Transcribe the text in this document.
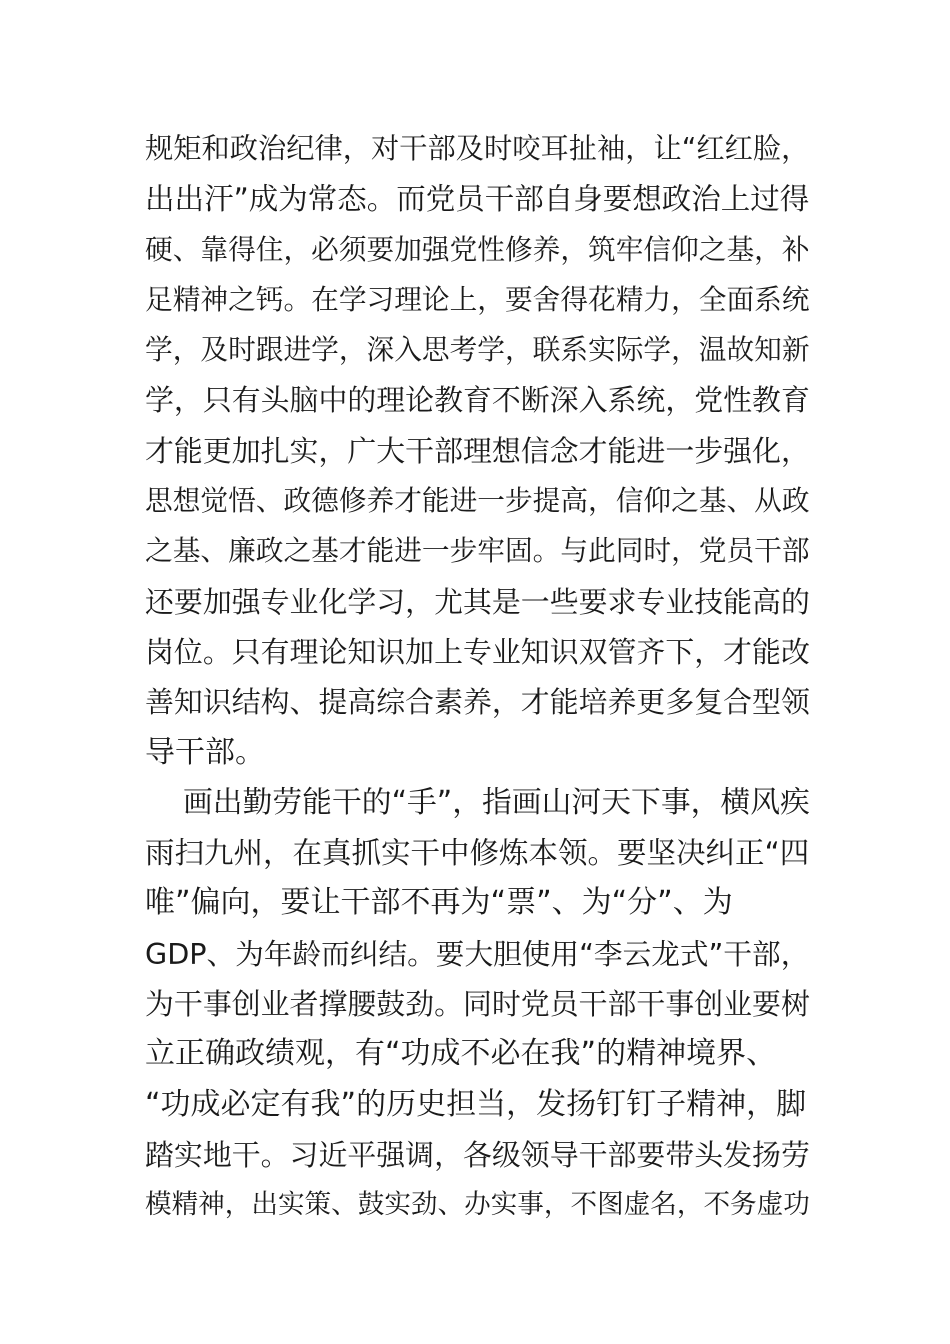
规矩和政治纪律，对干部及时咬耳扯袖，让“红红脸，
出出汗”成为常态。而党员干部自身要想政治上过得
硬、靠得住，必须要加强党性修养，筑牢信仰之基，补
足精神之钙。在学习理论上，要舍得花精力，全面系统
学，及时跟进学，深入思考学，联系实际学，温故知新
学，只有头脑中的理论教育不断深入系统，党性教育
才能更加扎实，广大干部理想信念才能进一步强化，
思想觉悟、政德修养才能进一步提高，信仰之基、从政
之基、廉政之基才能进一步牢固。与此同时，党员干部
还要加强专业化学习，尤其是一些要求专业技能高的
岗位。只有理论知识加上专业知识双管齐下，才能改
善知识结构、提高综合素养，才能培养更多复合型领
导干部。
画出勤劳能干的“手”，指画山河天下事，横风疾
雨扫九州，在真抓实干中修炼本领。要坚决纠正“四
唯”偏向，要让干部不再为“票”、为“分”、为
GDP、为年龄而纠结。要大胆使用“李云龙式”干部，
为干事创业者撑腰鼓劲。同时党员干部干事创业要树
立正确政绩观，有“功成不必在我”的精神境界、
“功成必定有我”的历史担当，发扬钉钉子精神，脚
踏实地干。习近平强调，各级领导干部要带头发扬劳
模精神，出实策、鼓实劲、办实事，不图虚名，不务虚功
